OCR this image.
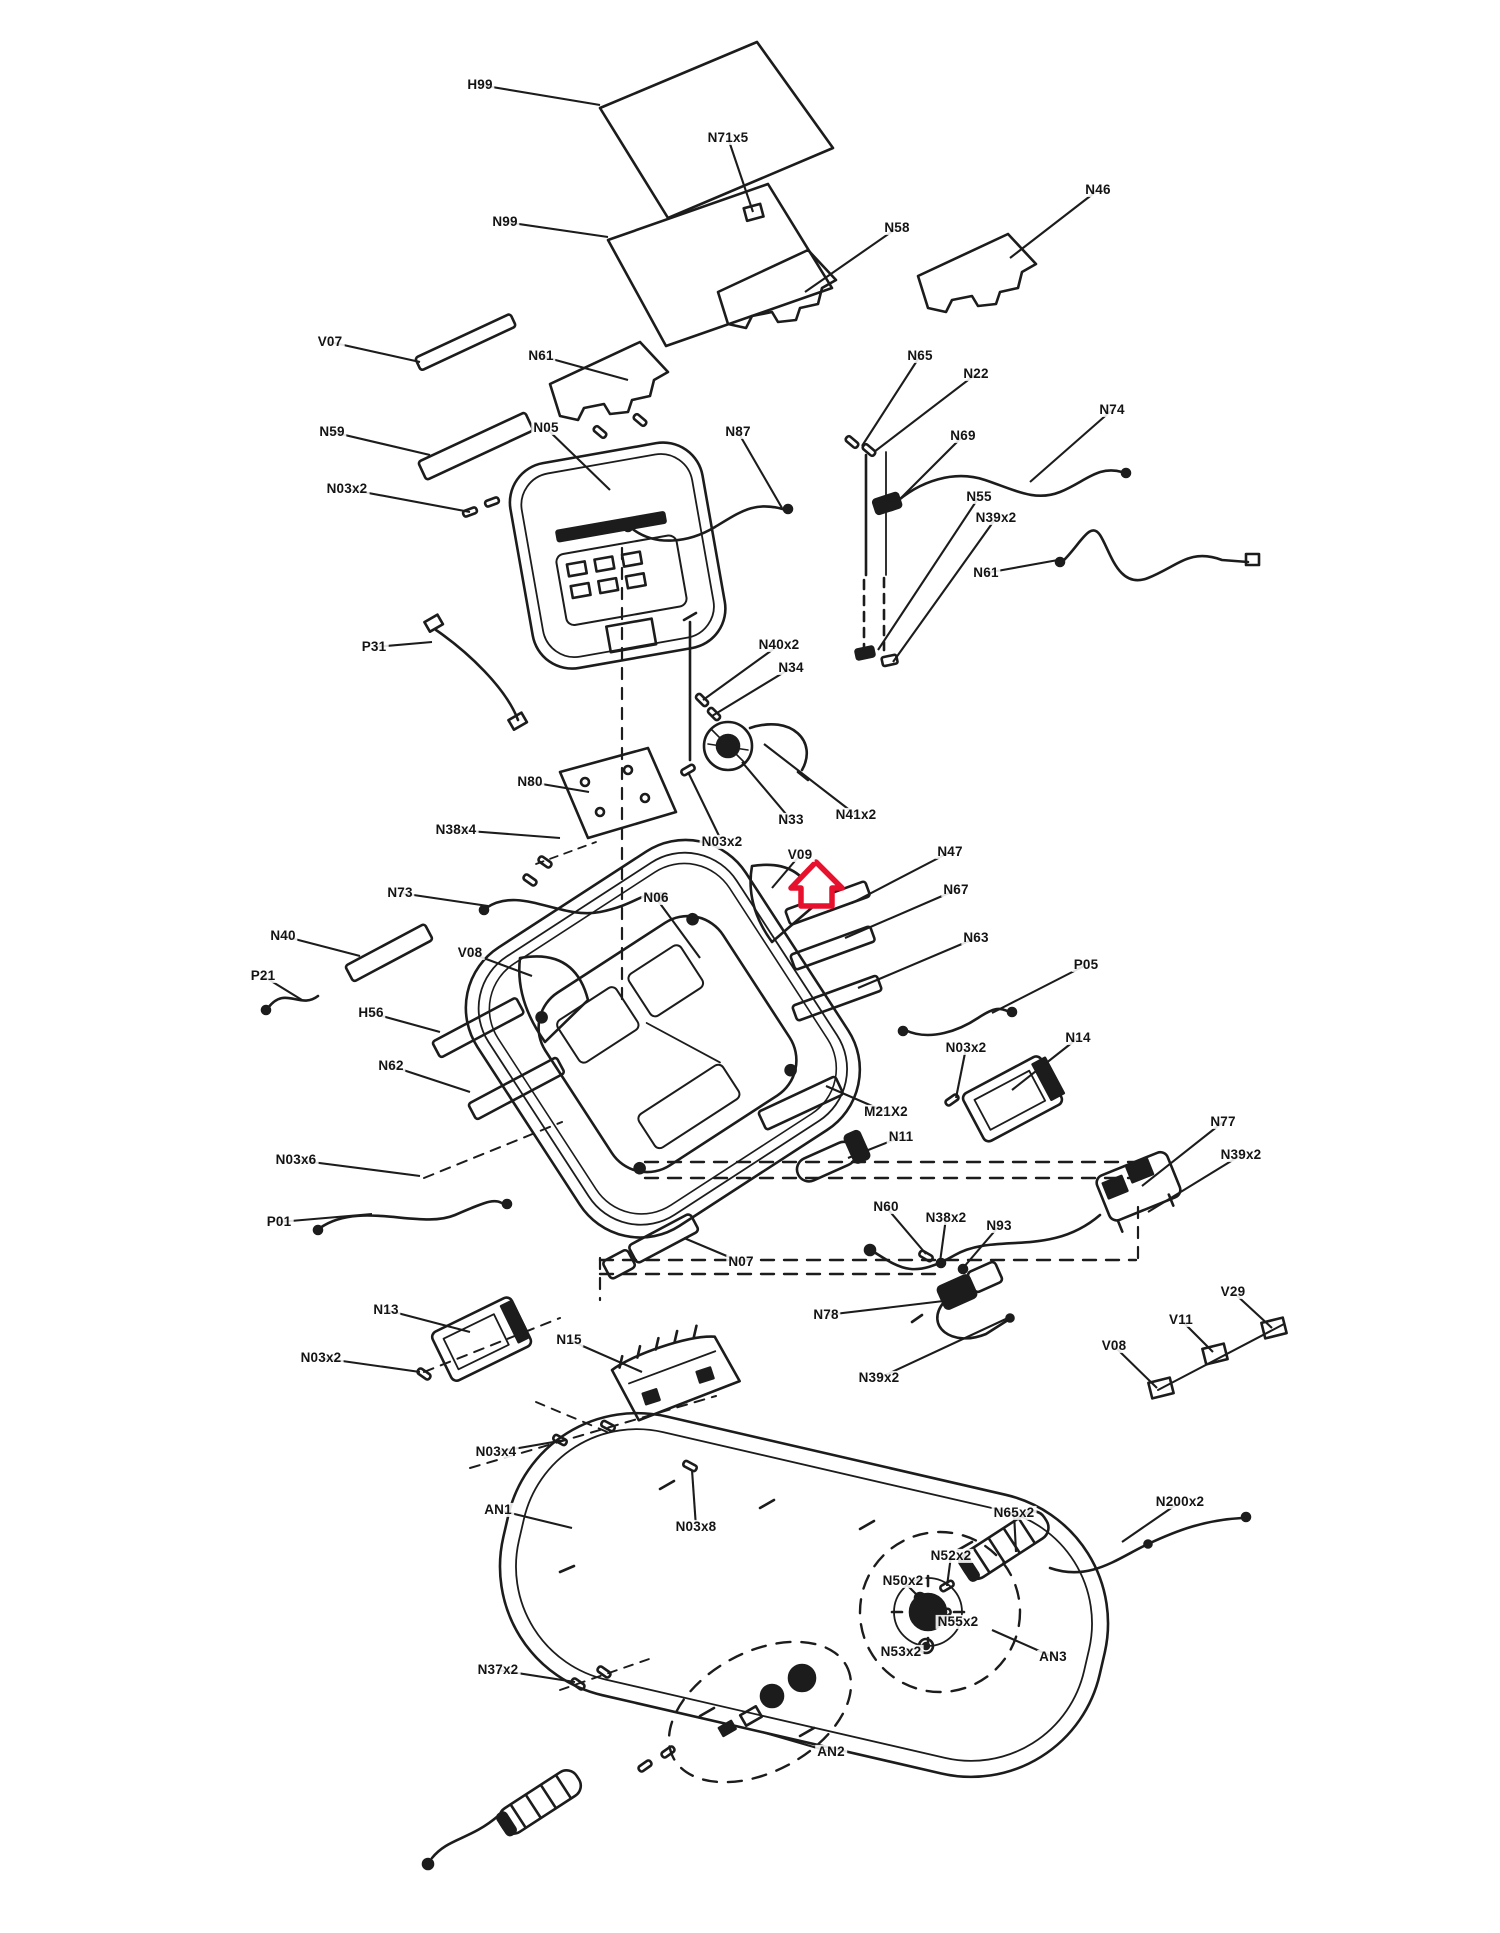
H99
N71x5
N99
N46
N58
V07
N61	N65
N22
N74
N59	N87	N69
N03x2
N05
N55
N39x2
N61
P31	N40x2
N34
N80
N38x4
N03x2
N33 N41x2
V09	N47
N67
N73	N06
N63
P05
N40
P21
V08
H56
N03x2
N14
N62
M21X2
N11
N77
N39x2
N03x6
N60
N38x2
N93
P01
N07
N13
N15
N78
V29
V11
V08
N39x2
N03x2
N03x4
AN1
N03x8
N65x2
N200x2
N52x2
N50x2
N55x2
N53x2	AN3
N37x2
AN2
